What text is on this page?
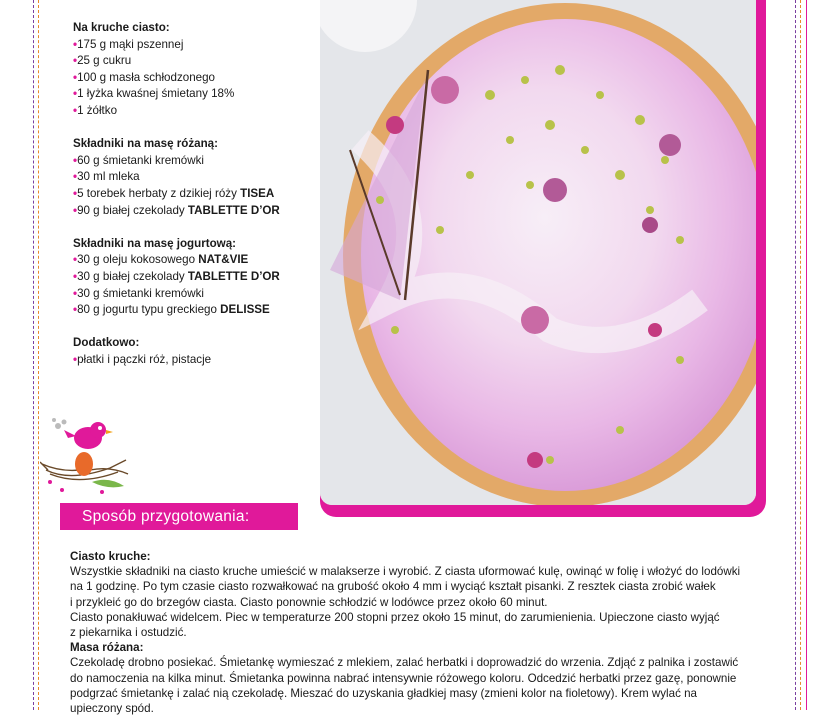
Na kruche ciasto:
•175 g mąki pszennej
•25 g cukru
•100 g masła schłodzonego
•1 łyżka kwaśnej śmietany 18%
•1 żółtko
Składniki na masę różaną:
•60 g śmietanki kremówki
•30 ml mleka
•5 torebek herbaty z dzikiej róży TISEA
•90 g białej czekolady TABLETTE D’OR
Składniki na masę jogurtową:
•30 g oleju kokosowego NAT&VIE
•30 g białej czekolady TABLETTE D’OR
•30 g śmietanki kremówki
•80 g jogurtu typu greckiego DELISSE
Dodatkowo:
•płatki i pączki róż, pistacje
Sposób przygotowania:

Ciasto kruche:

Wszystkie składniki na ciasto kruche umieścić w malakserze i wyrobić. Z ciasta uformować kulę, owinąć w folię i włożyć do lodówki

na 1 godzinę. Po tym czasie ciasto rozwałkować na grubość około 4 mm i wyciąć kształt pisanki. Z resztek ciasta zrobić wałek

i przykleić go do brzegów ciasta. Ciasto ponownie schłodzić w lodówce przez około 60 minut.

Ciasto ponakłuwać widelcem. Piec w temperaturze 200 stopni przez około 15 minut, do zarumienienia. Upieczone ciasto wyjąć

z piekarnika i ostudzić.

Masa różana:

Czekoladę drobno posiekać. Śmietankę wymieszać z mlekiem, zalać herbatki i doprowadzić do wrzenia. Zdjąć z palnika i zostawić

do namoczenia na kilka minut. Śmietanka powinna nabrać intensywnie różowego koloru. Odcedzić herbatki przez gazę, ponownie

podgrzać śmietankę i zalać nią czekoladę. Mieszać do uzyskania gładkiej masy (zmieni kolor na fioletowy). Krem wylać na

upieczony spód.
